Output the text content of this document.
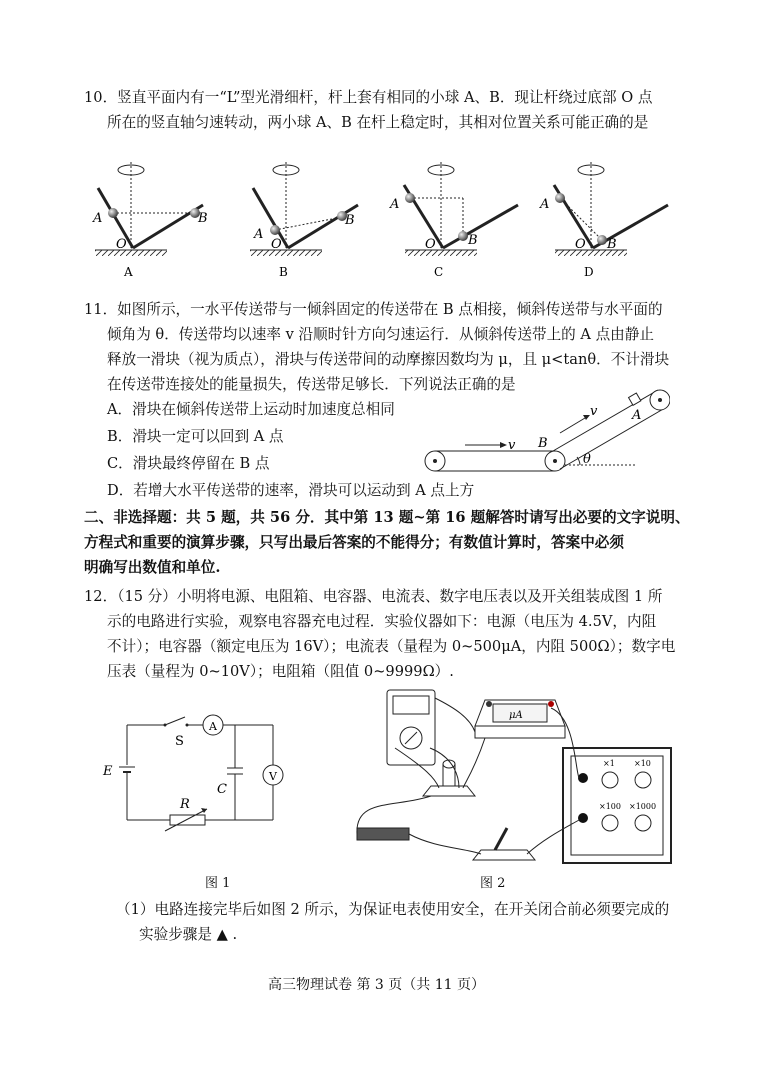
10．竖直平面内有一“L”型光滑细杆，杆上套有相同的小球 A、B．现让杆绕过底部 O 点
所在的竖直轴匀速转动，两小球 A、B 在杆上稳定时，其相对位置关系可能正确的是
A	B
O
A
A
B
O
B
A
B
O
C
A
B
O
D
11．如图所示，一水平传送带与一倾斜固定的传送带在 B 点相接，倾斜传送带与水平面的
倾角为 θ．传送带均以速率 v 沿顺时针方向匀速运行．从倾斜传送带上的 A 点由静止
释放一滑块（视为质点），滑块与传送带间的动摩擦因数均为 μ，且 μ<tanθ．不计滑块
在传送带连接处的能量损失，传送带足够长．下列说法正确的是
A．滑块在倾斜传送带上运动时加速度总相同
B．滑块一定可以回到 A 点
C．滑块最终停留在 B 点
D．若增大水平传送带的速率，滑块可以运动到 A 点上方
v
v
B
A
θ
二、非选择题：共 5 题，共 56 分．其中第 13 题~第 16 题解答时请写出必要的文字说明、
方程式和重要的演算步骤，只写出最后答案的不能得分；有数值计算时，答案中必须
明确写出数值和单位.
12．（15 分）小明将电源、电阻箱、电容器、电流表、数字电压表以及开关组装成图 1 所
示的电路进行实验，观察电容器充电过程．实验仪器如下：电源（电压为 4.5V，内阻
不计）；电容器（额定电压为 16V）；电流表（量程为 0~500μA，内阻 500Ω）；数字电
压表（量程为 0~10V）；电阻箱（阻值 0~9999Ω）.
S
A
V
E
C
R
图 1
μA
×1 ×10
×100 ×1000
图 2
（1）电路连接完毕后如图 2 所示，为保证电表使用安全，在开关闭合前必须要完成的
实验步骤是 ▲ .
高三物理试卷 第 3 页（共 11 页）
